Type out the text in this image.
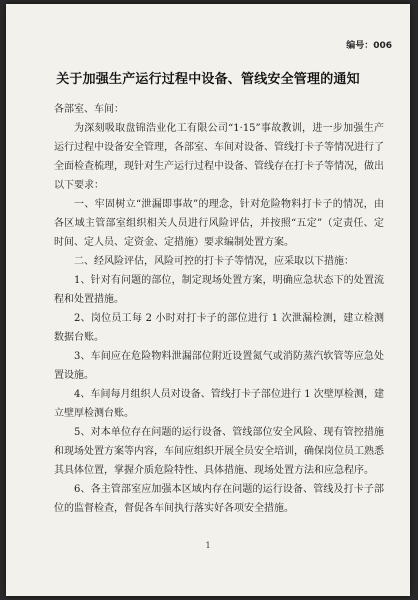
编号：006
关于加强生产运行过程中设备、管线安全管理的通知

各部室、车间：

为深刻吸取盘锦浩业化工有限公司“1·15”事故教训，进一步加强生产运行过程中设备安全管理，各部室、车间对设备、管线打卡子等情况进行了全面检查梳理，现针对生产运行过程中设备、管线存在打卡子等情况，做出以下要求：

一、牢固树立“泄漏即事故”的理念，针对危险物料打卡子的情况，由各区域主管部室组织相关人员进行风险评估，并按照“五定”（定责任、定时间、定人员、定资金、定措施）要求编制处置方案。

二、经风险评估，风险可控的打卡子等情况，应采取以下措施：

1、针对有问题的部位，制定现场处置方案，明确应急状态下的处置流程和处置措施。

2、岗位员工每 2 小时对打卡子的部位进行 1 次泄漏检测，建立检测数据台账。

3、车间应在危险物料泄漏部位附近设置氮气或消防蒸汽软管等应急处置设施。

4、车间每月组织人员对设备、管线打卡子部位进行 1 次壁厚检测，建立壁厚检测台账。

5、对本单位存在问题的运行设备、管线部位安全风险、现有管控措施和现场处置方案等内容，车间应组织开展全员安全培训，确保岗位员工熟悉其具体位置，掌握介质危险特性、具体措施、现场处置方法和应急程序。

6、各主管部室应加强本区域内存在问题的运行设备、管线及打卡子部位的监督检查，督促各车间执行落实好各项安全措施。

1
